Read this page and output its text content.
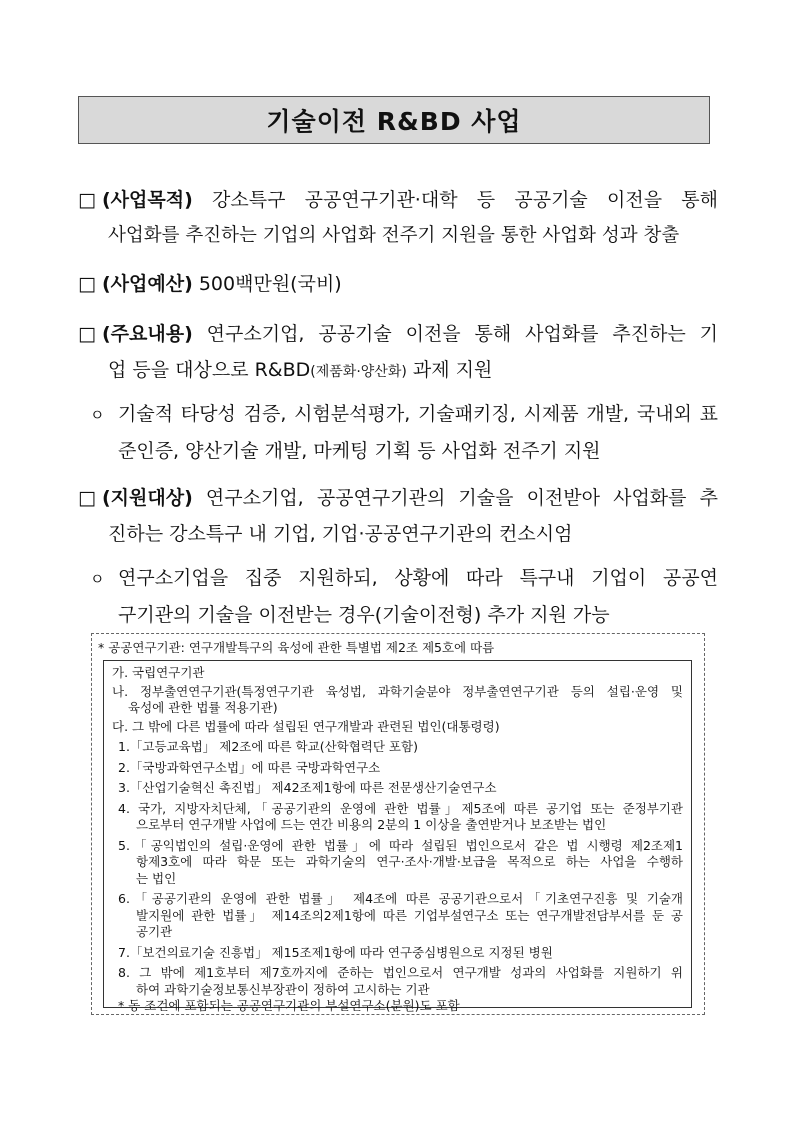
기술이전 R&BD 사업
□ (사업목적) 강소특구 공공연구기관‧대학 등 공공기술 이전을 통해
사업화를 추진하는 기업의 사업화 전주기 지원을 통한 사업화 성과 창출
□ (사업예산) 500백만원(국비)
□ (주요내용) 연구소기업, 공공기술 이전을 통해 사업화를 추진하는 기
업 등을 대상으로 R&BD(제품화·양산화) 과제 지원
ㅇ 기술적 타당성 검증, 시험분석평가, 기술패키징, 시제품 개발, 국내외 표
준인증, 양산기술 개발, 마케팅 기획 등 사업화 전주기 지원
□ (지원대상) 연구소기업, 공공연구기관의 기술을 이전받아 사업화를 추
진하는 강소특구 내 기업, 기업‧공공연구기관의 컨소시엄
ㅇ 연구소기업을 집중 지원하되, 상황에 따라 특구내 기업이 공공연
구기관의 기술을 이전받는 경우(기술이전형) 추가 지원 가능
* 공공연구기관: 연구개발특구의 육성에 관한 특별법 제2조 제5호에 따름
가. 국립연구기관
나. 정부출연연구기관(특정연구기관 육성법, 과학기술분야 정부출연연구기관 등의 설립·운영 및
육성에 관한 법률 적용기관)
다. 그 밖에 다른 법률에 따라 설립된 연구개발과 관련된 법인(대통령령)
1.「고등교육법」 제2조에 따른 학교(산학협력단 포함)
2.「국방과학연구소법」에 따른 국방과학연구소
3.「산업기술혁신 촉진법」 제42조제1항에 따른 전문생산기술연구소
4. 국가, 지방자치단체,「공공기관의 운영에 관한 법률」제5조에 따른 공기업 또는 준정부기관
으로부터 연구개발 사업에 드는 연간 비용의 2분의 1 이상을 출연받거나 보조받는 법인
5.「공익법인의 설립·운영에 관한 법률」에 따라 설립된 법인으로서 같은 법 시행령 제2조제1
항제3호에 따라 학문 또는 과학기술의 연구·조사·개발·보급을 목적으로 하는 사업을 수행하
는 법인
6.「공공기관의 운영에 관한 법률」 제4조에 따른 공공기관으로서「기초연구진흥 및 기술개
발지원에 관한 법률」 제14조의2제1항에 따른 기업부설연구소 또는 연구개발전담부서를 둔 공
공기관
7.「보건의료기술 진흥법」 제15조제1항에 따라 연구중심병원으로 지정된 병원
8. 그 밖에 제1호부터 제7호까지에 준하는 법인으로서 연구개발 성과의 사업화를 지원하기 위
하여 과학기술정보통신부장관이 정하여 고시하는 기관
* 동 조건에 포함되는 공공연구기관의 부설연구소(분원)도 포함
